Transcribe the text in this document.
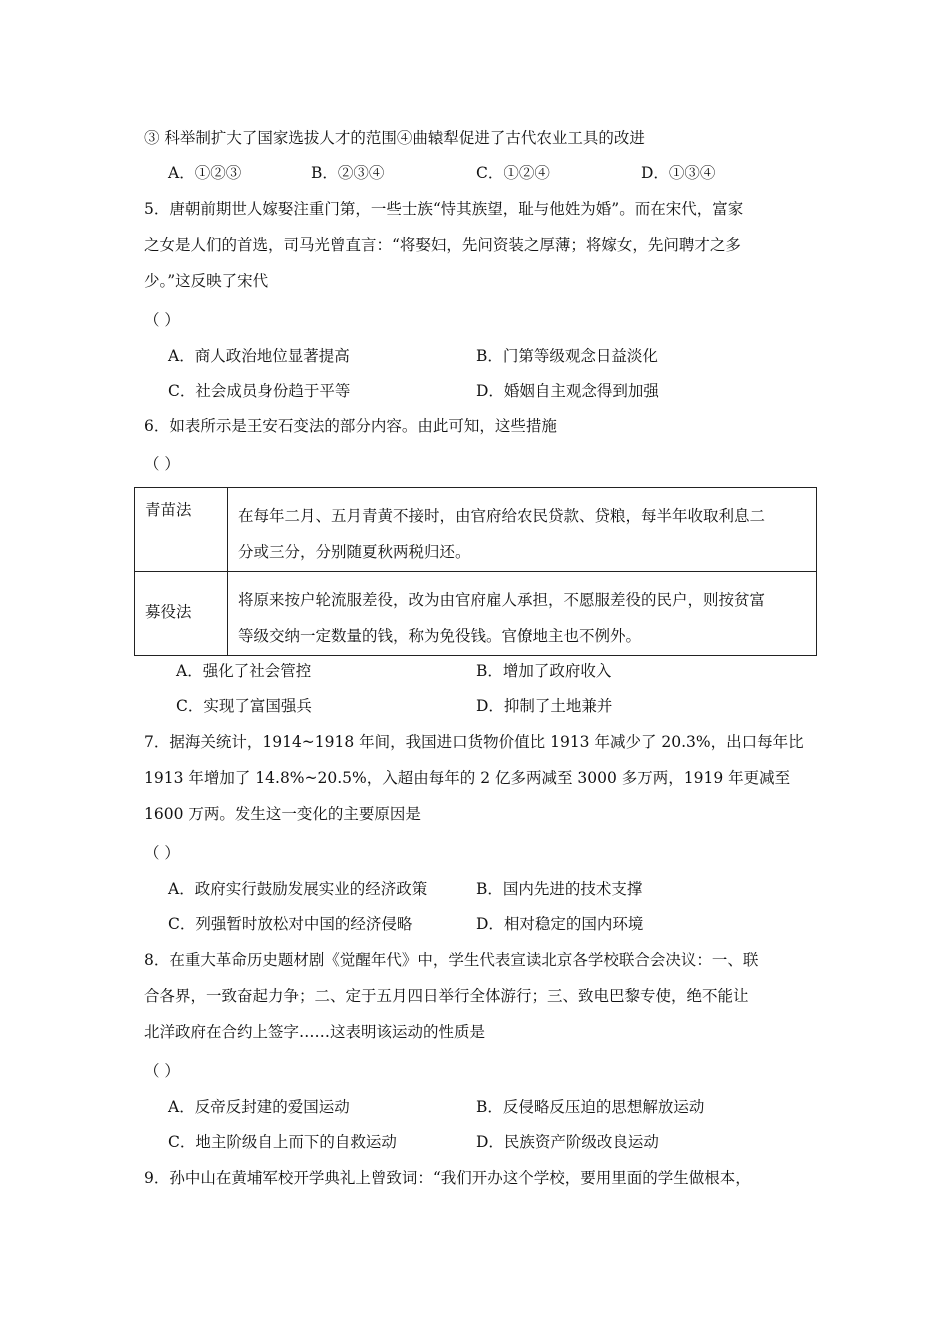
③ 科举制扩大了国家选拔人才的范围④曲辕犁促进了古代农业工具的改进
A．①②③	B．②③④	C．①②④	D．①③④
5．唐朝前期世人嫁娶注重门第，一些士族“恃其族望，耻与他姓为婚”。而在宋代，富家
之女是人们的首选，司马光曾直言：“将娶妇，先问资装之厚薄；将嫁女，先问聘才之多
少。”这反映了宋代
（ ）
A．商人政治地位显著提高	B．门第等级观念日益淡化
C．社会成员身份趋于平等	D．婚姻自主观念得到加强
6．如表所示是王安石变法的部分内容。由此可知，这些措施
（ ）
青苗法	在每年二月、五月青黄不接时，由官府给农民贷款、贷粮，每半年收取利息二
分或三分，分别随夏秋两税归还。

募役法	将原来按户轮流服差役，改为由官府雇人承担，不愿服差役的民户，则按贫富
等级交纳一定数量的钱，称为免役钱。官僚地主也不例外。
A．强化了社会管控	B．增加了政府收入
C．实现了富国强兵	D．抑制了土地兼并
7．据海关统计，1914~1918 年间，我国进口货物价值比 1913 年减少了 20.3%，出口每年比
1913 年增加了 14.8%~20.5%，入超由每年的 2 亿多两减至 3000 多万两，1919 年更减至
1600 万两。发生这一变化的主要原因是
（ ）
A．政府实行鼓励发展实业的经济政策	B．国内先进的技术支撑
C．列强暂时放松对中国的经济侵略	D．相对稳定的国内环境
8．在重大革命历史题材剧《觉醒年代》中，学生代表宣读北京各学校联合会决议：一、联
合各界，一致奋起力争；二、定于五月四日举行全体游行；三、致电巴黎专使，绝不能让
北洋政府在合约上签字……这表明该运动的性质是
（ ）
A．反帝反封建的爱国运动	B．反侵略反压迫的思想解放运动
C．地主阶级自上而下的自救运动	D．民族资产阶级改良运动
9．孙中山在黄埔军校开学典礼上曾致词：“我们开办这个学校，要用里面的学生做根本，
